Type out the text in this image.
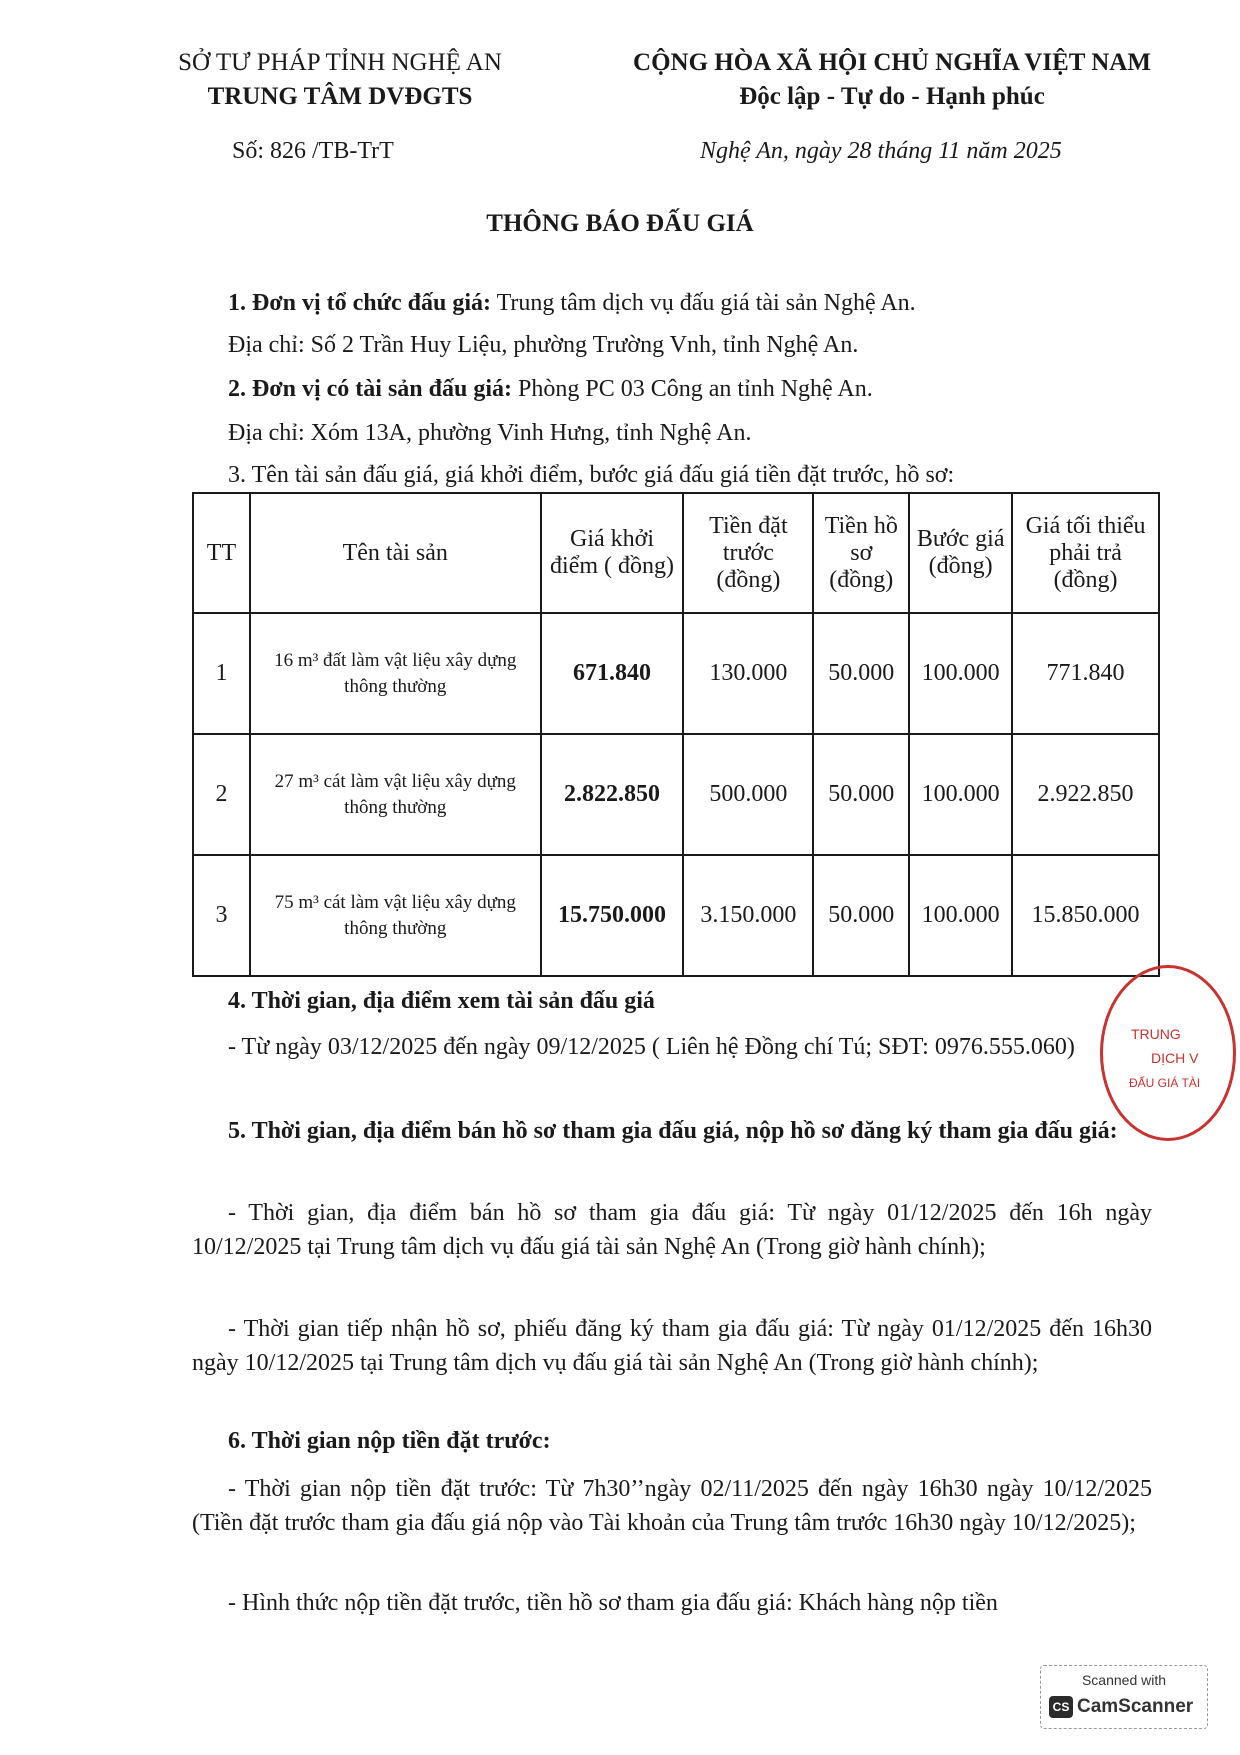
SỞ TƯ PHÁP TỈNH NGHỆ AN
TRUNG TÂM DVĐGTS
CỘNG HÒA XÃ HỘI CHỦ NGHĨA VIỆT NAM
Độc lập - Tự do - Hạnh phúc
Số: 826 /TB-TrT	Nghệ An, ngày 28 tháng 11 năm 2025
THÔNG BÁO ĐẤU GIÁ
1. Đơn vị tổ chức đấu giá: Trung tâm dịch vụ đấu giá tài sản Nghệ An.
Địa chỉ: Số 2 Trần Huy Liệu, phường Trường Vnh, tỉnh Nghệ An.
2. Đơn vị có tài sản đấu giá: Phòng PC 03 Công an tỉnh Nghệ An.
Địa chỉ: Xóm 13A, phường Vinh Hưng, tỉnh Nghệ An.
3. Tên tài sản đấu giá, giá khởi điểm, bước giá đấu giá tiền đặt trước, hồ sơ:
TT	Tên tài sản	Giá khởi điểm ( đồng)	Tiền đặt trước (đồng)	Tiền hồ sơ (đồng)	Bước giá (đồng)	Giá tối thiểu phải trả (đồng)
1	16 m³ đất làm vật liệu xây dựng thông thường	671.840	130.000	50.000	100.000	771.840
2	27 m³ cát làm vật liệu xây dựng thông thường	2.822.850	500.000	50.000	100.000	2.922.850
3	75 m³ cát làm vật liệu xây dựng thông thường	15.750.000	3.150.000	50.000	100.000	15.850.000
4. Thời gian, địa điểm xem tài sản đấu giá
- Từ ngày 03/12/2025 đến ngày 09/12/2025 ( Liên hệ Đồng chí Tú; SĐT: 0976.555.060)
5. Thời gian, địa điểm bán hồ sơ tham gia đấu giá, nộp hồ sơ đăng ký tham gia đấu giá:
- Thời gian, địa điểm bán hồ sơ tham gia đấu giá: Từ ngày 01/12/2025 đến 16h ngày 10/12/2025 tại Trung tâm dịch vụ đấu giá tài sản Nghệ An (Trong giờ hành chính);
- Thời gian tiếp nhận hồ sơ, phiếu đăng ký tham gia đấu giá: Từ ngày 01/12/2025 đến 16h30 ngày 10/12/2025 tại Trung tâm dịch vụ đấu giá tài sản Nghệ An (Trong giờ hành chính);
6. Thời gian nộp tiền đặt trước:
- Thời gian nộp tiền đặt trước: Từ 7h30’’ngày 02/11/2025 đến ngày 16h30 ngày 10/12/2025 (Tiền đặt trước tham gia đấu giá nộp vào Tài khoản của Trung tâm trước 16h30 ngày 10/12/2025);
- Hình thức nộp tiền đặt trước, tiền hồ sơ tham gia đấu giá: Khách hàng nộp tiền
TRUNG
DỊCH V
ĐẤU GIÁ TÀI
Scanned with
CS CamScanner
